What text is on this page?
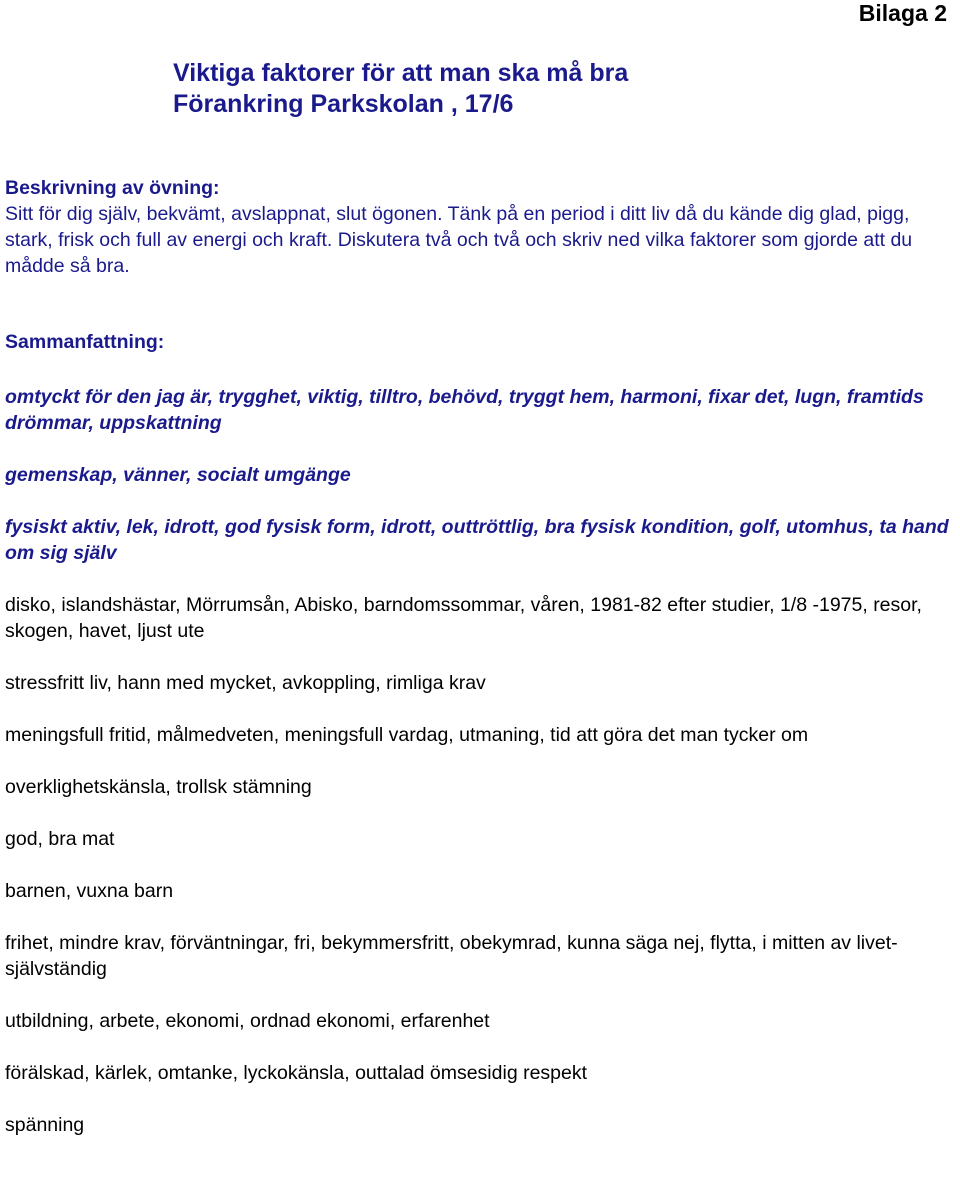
Bilaga 2
Viktiga faktorer för att man ska må bra
Förankring Parkskolan , 17/6
Beskrivning av övning:

Sitt för dig själv, bekvämt, avslappnat, slut ögonen. Tänk på en period i ditt liv då du kände dig glad, pigg, stark, frisk och full av energi och kraft. Diskutera två och två och skriv ned vilka faktorer som gjorde att du mådde så bra.

Sammanfattning:
omtyckt för den jag är, trygghet, viktig, tilltro, behövd, tryggt hem, harmoni, fixar det, lugn, framtids drömmar, uppskattning
gemenskap, vänner, socialt umgänge
fysiskt aktiv, lek, idrott, god fysisk form, idrott, outtröttlig, bra fysisk kondition, golf, utomhus, ta hand om sig själv
disko, islandshästar, Mörrumsån, Abisko, barndomssommar, våren, 1981-82 efter studier, 1/8 -1975, resor, skogen, havet, ljust ute
stressfritt liv, hann med mycket, avkoppling, rimliga krav
meningsfull fritid, målmedveten, meningsfull vardag, utmaning, tid att göra det man tycker om
overklighetskänsla, trollsk stämning
god, bra mat
barnen, vuxna barn
frihet, mindre krav, förväntningar, fri, bekymmersfritt, obekymrad, kunna säga nej, flytta, i mitten av livet-självständig
utbildning, arbete, ekonomi, ordnad ekonomi, erfarenhet
förälskad, kärlek, omtanke, lyckokänsla, outtalad ömsesidig respekt
spänning
